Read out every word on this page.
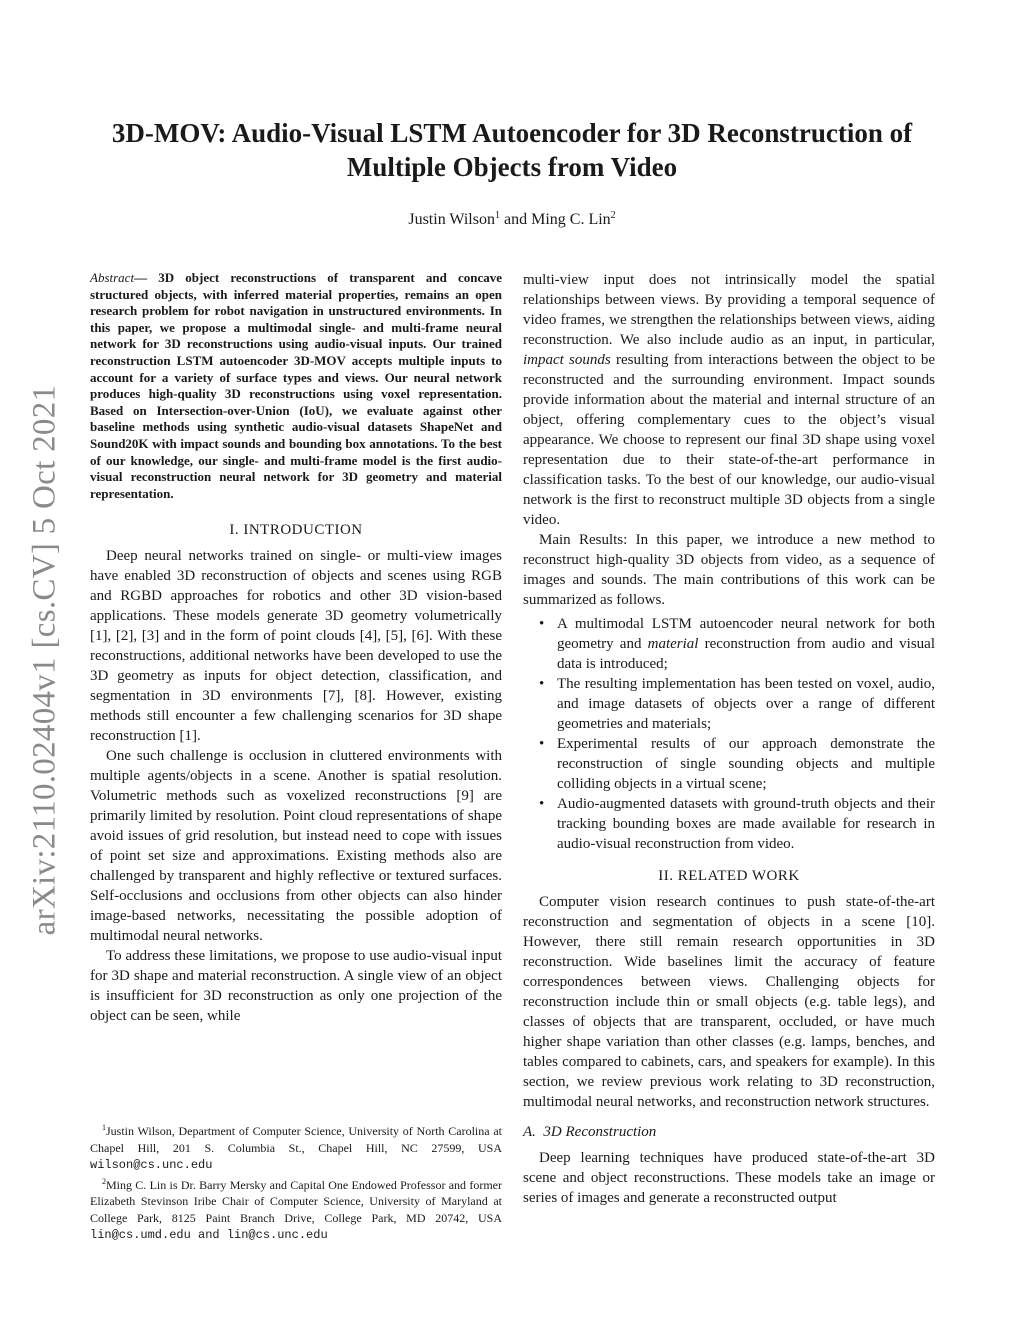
arXiv:2110.02404v1 [cs.CV] 5 Oct 2021
3D-MOV: Audio-Visual LSTM Autoencoder for 3D Reconstruction of
Multiple Objects from Video
Justin Wilson$^1$ and Ming C. Lin$^2$

Abstract— 3D object reconstructions of transparent and concave structured objects, with inferred material properties, remains an open research problem for robot navigation in unstructured environments. In this paper, we propose a multimodal single- and multi-frame neural network for 3D reconstructions using audio-visual inputs. Our trained reconstruction LSTM autoencoder 3D-MOV accepts multiple inputs to account for a variety of surface types and views. Our neural network produces high-quality 3D reconstructions using voxel representation. Based on Intersection-over-Union (IoU), we evaluate against other baseline methods using synthetic audio-visual datasets ShapeNet and Sound20K with impact sounds and bounding box annotations. To the best of our knowledge, our single- and multi-frame model is the first audio-visual reconstruction neural network for 3D geometry and material representation.

I. INTRODUCTION

Deep neural networks trained on single- or multi-view images have enabled 3D reconstruction of objects and scenes using RGB and RGBD approaches for robotics and other 3D vision-based applications. These models generate 3D geometry volumetrically [1], [2], [3] and in the form of point clouds [4], [5], [6]. With these reconstructions, additional networks have been developed to use the 3D geometry as inputs for object detection, classification, and segmentation in 3D environments [7], [8]. However, existing methods still encounter a few challenging scenarios for 3D shape reconstruction [1].

One such challenge is occlusion in cluttered environments with multiple agents/objects in a scene. Another is spatial resolution. Volumetric methods such as voxelized reconstructions [9] are primarily limited by resolution. Point cloud representations of shape avoid issues of grid resolution, but instead need to cope with issues of point set size and approximations. Existing methods also are challenged by transparent and highly reflective or textured surfaces. Self-occlusions and occlusions from other objects can also hinder image-based networks, necessitating the possible adoption of multimodal neural networks.

To address these limitations, we propose to use audio-visual input for 3D shape and material reconstruction. A single view of an object is insufficient for 3D reconstruction as only one projection of the object can be seen, while

$^1$Justin Wilson, Department of Computer Science, University of North Carolina at Chapel Hill, 201 S. Columbia St., Chapel Hill, NC 27599, USA wilson@cs.unc.edu

$^2$Ming C. Lin is Dr. Barry Mersky and Capital One Endowed Professor and former Elizabeth Stevinson Iribe Chair of Computer Science, University of Maryland at College Park, 8125 Paint Branch Drive, College Park, MD 20742, USA lin@cs.umd.edu and lin@cs.unc.edu

multi-view input does not intrinsically model the spatial relationships between views. By providing a temporal sequence of video frames, we strengthen the relationships between views, aiding reconstruction. We also include audio as an input, in particular, impact sounds resulting from interactions between the object to be reconstructed and the surrounding environment. Impact sounds provide information about the material and internal structure of an object, offering complementary cues to the object’s visual appearance. We choose to represent our final 3D shape using voxel representation due to their state-of-the-art performance in classification tasks. To the best of our knowledge, our audio-visual network is the first to reconstruct multiple 3D objects from a single video.

Main Results: In this paper, we introduce a new method to reconstruct high-quality 3D objects from video, as a sequence of images and sounds. The main contributions of this work can be summarized as follows.

• A multimodal LSTM autoencoder neural network for both geometry and material reconstruction from audio and visual data is introduced;
• The resulting implementation has been tested on voxel, audio, and image datasets of objects over a range of different geometries and materials;
• Experimental results of our approach demonstrate the reconstruction of single sounding objects and multiple colliding objects in a virtual scene;
• Audio-augmented datasets with ground-truth objects and their tracking bounding boxes are made available for research in audio-visual reconstruction from video.
II. RELATED WORK

Computer vision research continues to push state-of-the-art reconstruction and segmentation of objects in a scene [10]. However, there still remain research opportunities in 3D reconstruction. Wide baselines limit the accuracy of feature correspondences between views. Challenging objects for reconstruction include thin or small objects (e.g. table legs), and classes of objects that are transparent, occluded, or have much higher shape variation than other classes (e.g. lamps, benches, and tables compared to cabinets, cars, and speakers for example). In this section, we review previous work relating to 3D reconstruction, multimodal neural networks, and reconstruction network structures.

A.  3D Reconstruction

Deep learning techniques have produced state-of-the-art 3D scene and object reconstructions. These models take an image or series of images and generate a reconstructed output
